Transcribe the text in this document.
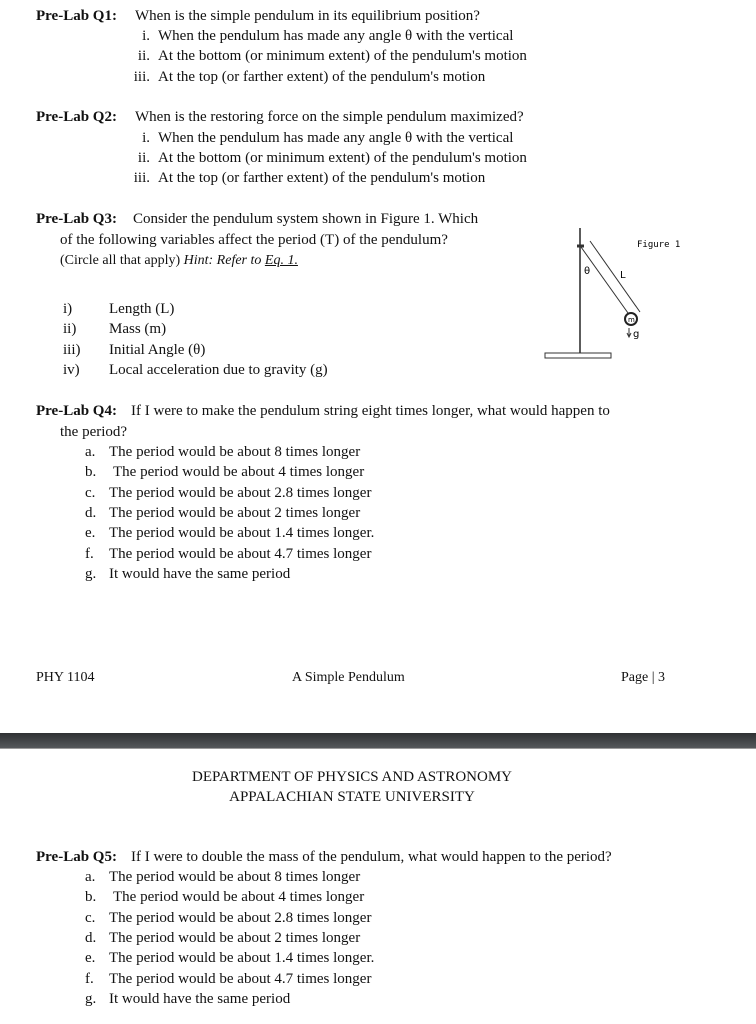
Pre-Lab Q1: When is the simple pendulum in its equilibrium position?
i. When the pendulum has made any angle θ with the vertical
ii. At the bottom (or minimum extent) of the pendulum's motion
iii. At the top (or farther extent) of the pendulum's motion
Pre-Lab Q2: When is the restoring force on the simple pendulum maximized?
i. When the pendulum has made any angle θ with the vertical
ii. At the bottom (or minimum extent) of the pendulum's motion
iii. At the top (or farther extent) of the pendulum's motion
Pre-Lab Q3: Consider the pendulum system shown in Figure 1. Which
of the following variables affect the period (T) of the pendulum?
(Circle all that apply) Hint: Refer to Eq. 1.
i) Length (L)
ii) Mass (m)
iii) Initial Angle (θ)
iv) Local acceleration due to gravity (g)
m
θ	L
g
Figure 1
Pre-Lab Q4: If I were to make the pendulum string eight times longer, what would happen to
the period?
a. The period would be about 8 times longer
b. The period would be about 4 times longer
c. The period would be about 2.8 times longer
d. The period would be about 2 times longer
e. The period would be about 1.4 times longer.
f. The period would be about 4.7 times longer
g. It would have the same period
PHY 1104	A Simple Pendulum	Page | 3
DEPARTMENT OF PHYSICS AND ASTRONOMY
APPALACHIAN STATE UNIVERSITY
Pre-Lab Q5: If I were to double the mass of the pendulum, what would happen to the period?
a. The period would be about 8 times longer
b. The period would be about 4 times longer
c. The period would be about 2.8 times longer
d. The period would be about 2 times longer
e. The period would be about 1.4 times longer.
f. The period would be about 4.7 times longer
g. It would have the same period
